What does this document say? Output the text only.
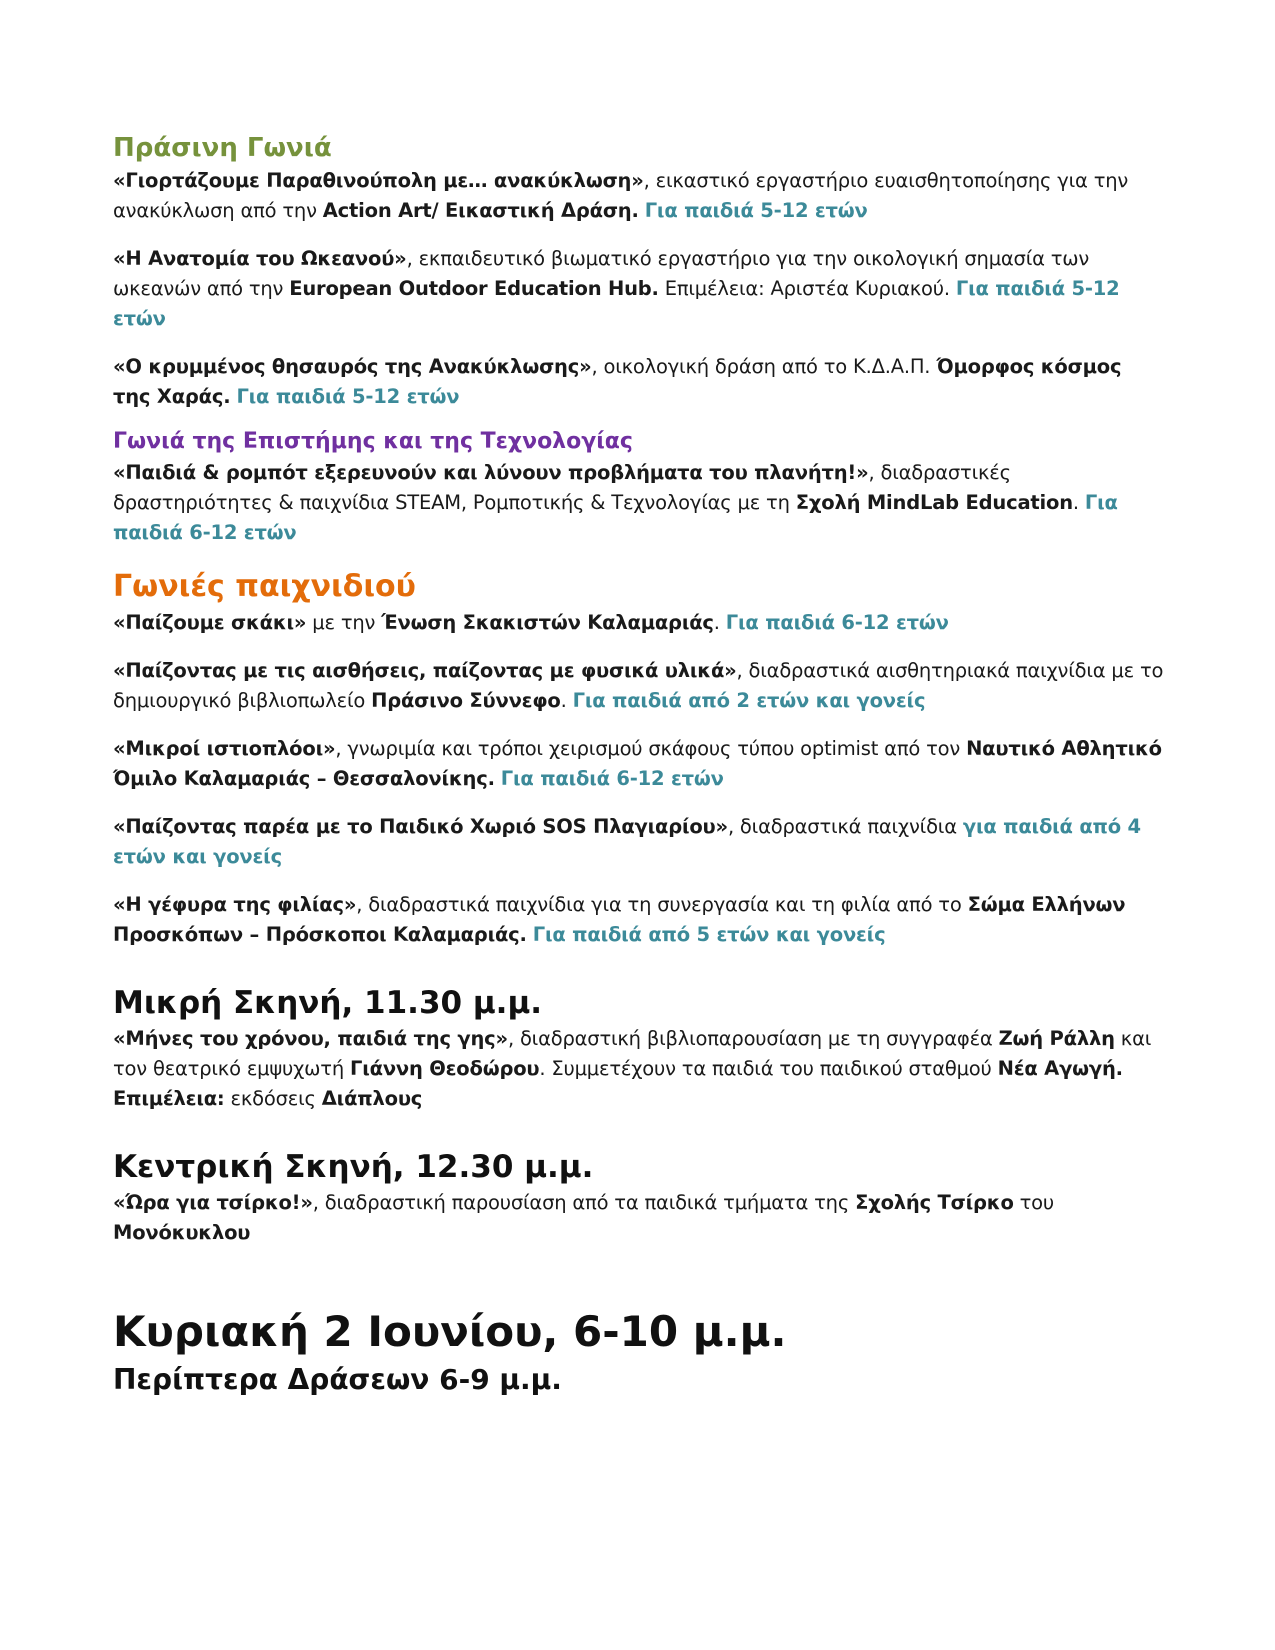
Πράσινη Γωνιά

«Γιορτάζουμε Παραθινούπολη με… ανακύκλωση», εικαστικό εργαστήριο ευαισθητοποίησης για την ανακύκλωση από την Action Art/ Εικαστική Δράση. Για παιδιά 5-12 ετών

«Η Ανατομία του Ωκεανού», εκπαιδευτικό βιωματικό εργαστήριο για την οικολογική σημασία των ωκεανών από την European Outdoor Education Hub. Επιμέλεια: Αριστέα Κυριακού. Για παιδιά 5-12 ετών

«Ο κρυμμένος θησαυρός της Ανακύκλωσης», οικολογική δράση από το Κ.Δ.Α.Π. Όμορφος κόσμος της Χαράς. Για παιδιά 5-12 ετών

Γωνιά της Επιστήμης και της Τεχνολογίας

«Παιδιά & ρομπότ εξερευνούν και λύνουν προβλήματα του πλανήτη!», διαδραστικές δραστηριότητες & παιχνίδια STEAM, Ρομποτικής & Τεχνολογίας με τη Σχολή MindLab Education. Για παιδιά 6-12 ετών

Γωνιές παιχνιδιού

«Παίζουμε σκάκι» με την Ένωση Σκακιστών Καλαμαριάς. Για παιδιά 6-12 ετών

«Παίζοντας με τις αισθήσεις, παίζοντας με φυσικά υλικά», διαδραστικά αισθητηριακά παιχνίδια με το δημιουργικό βιβλιοπωλείο Πράσινο Σύννεφο. Για παιδιά από 2 ετών και γονείς

«Μικροί ιστιοπλόοι», γνωριμία και τρόποι χειρισμού σκάφους τύπου optimist από τον Ναυτικό Αθλητικό Όμιλο Καλαμαριάς – Θεσσαλονίκης. Για παιδιά 6-12 ετών

«Παίζοντας παρέα με το Παιδικό Χωριό SOS Πλαγιαρίου», διαδραστικά παιχνίδια για παιδιά από 4 ετών και γονείς

«Η γέφυρα της φιλίας», διαδραστικά παιχνίδια για τη συνεργασία και τη φιλία από το Σώμα Ελλήνων Προσκόπων – Πρόσκοποι Καλαμαριάς. Για παιδιά από 5 ετών και γονείς

Μικρή Σκηνή, 11.30 μ.μ.

«Μήνες του χρόνου, παιδιά της γης», διαδραστική βιβλιοπαρουσίαση με τη συγγραφέα Ζωή Ράλλη και τον θεατρικό εμψυχωτή Γιάννη Θεοδώρου. Συμμετέχουν τα παιδιά του παιδικού σταθμού Νέα Αγωγή. Επιμέλεια: εκδόσεις Διάπλους

Κεντρική Σκηνή, 12.30 μ.μ.

«Ώρα για τσίρκο!», διαδραστική παρουσίαση από τα παιδικά τμήματα της Σχολής Τσίρκο του Μονόκυκλου

Κυριακή 2 Ιουνίου, 6-10 μ.μ.
Περίπτερα Δράσεων 6-9 μ.μ.
